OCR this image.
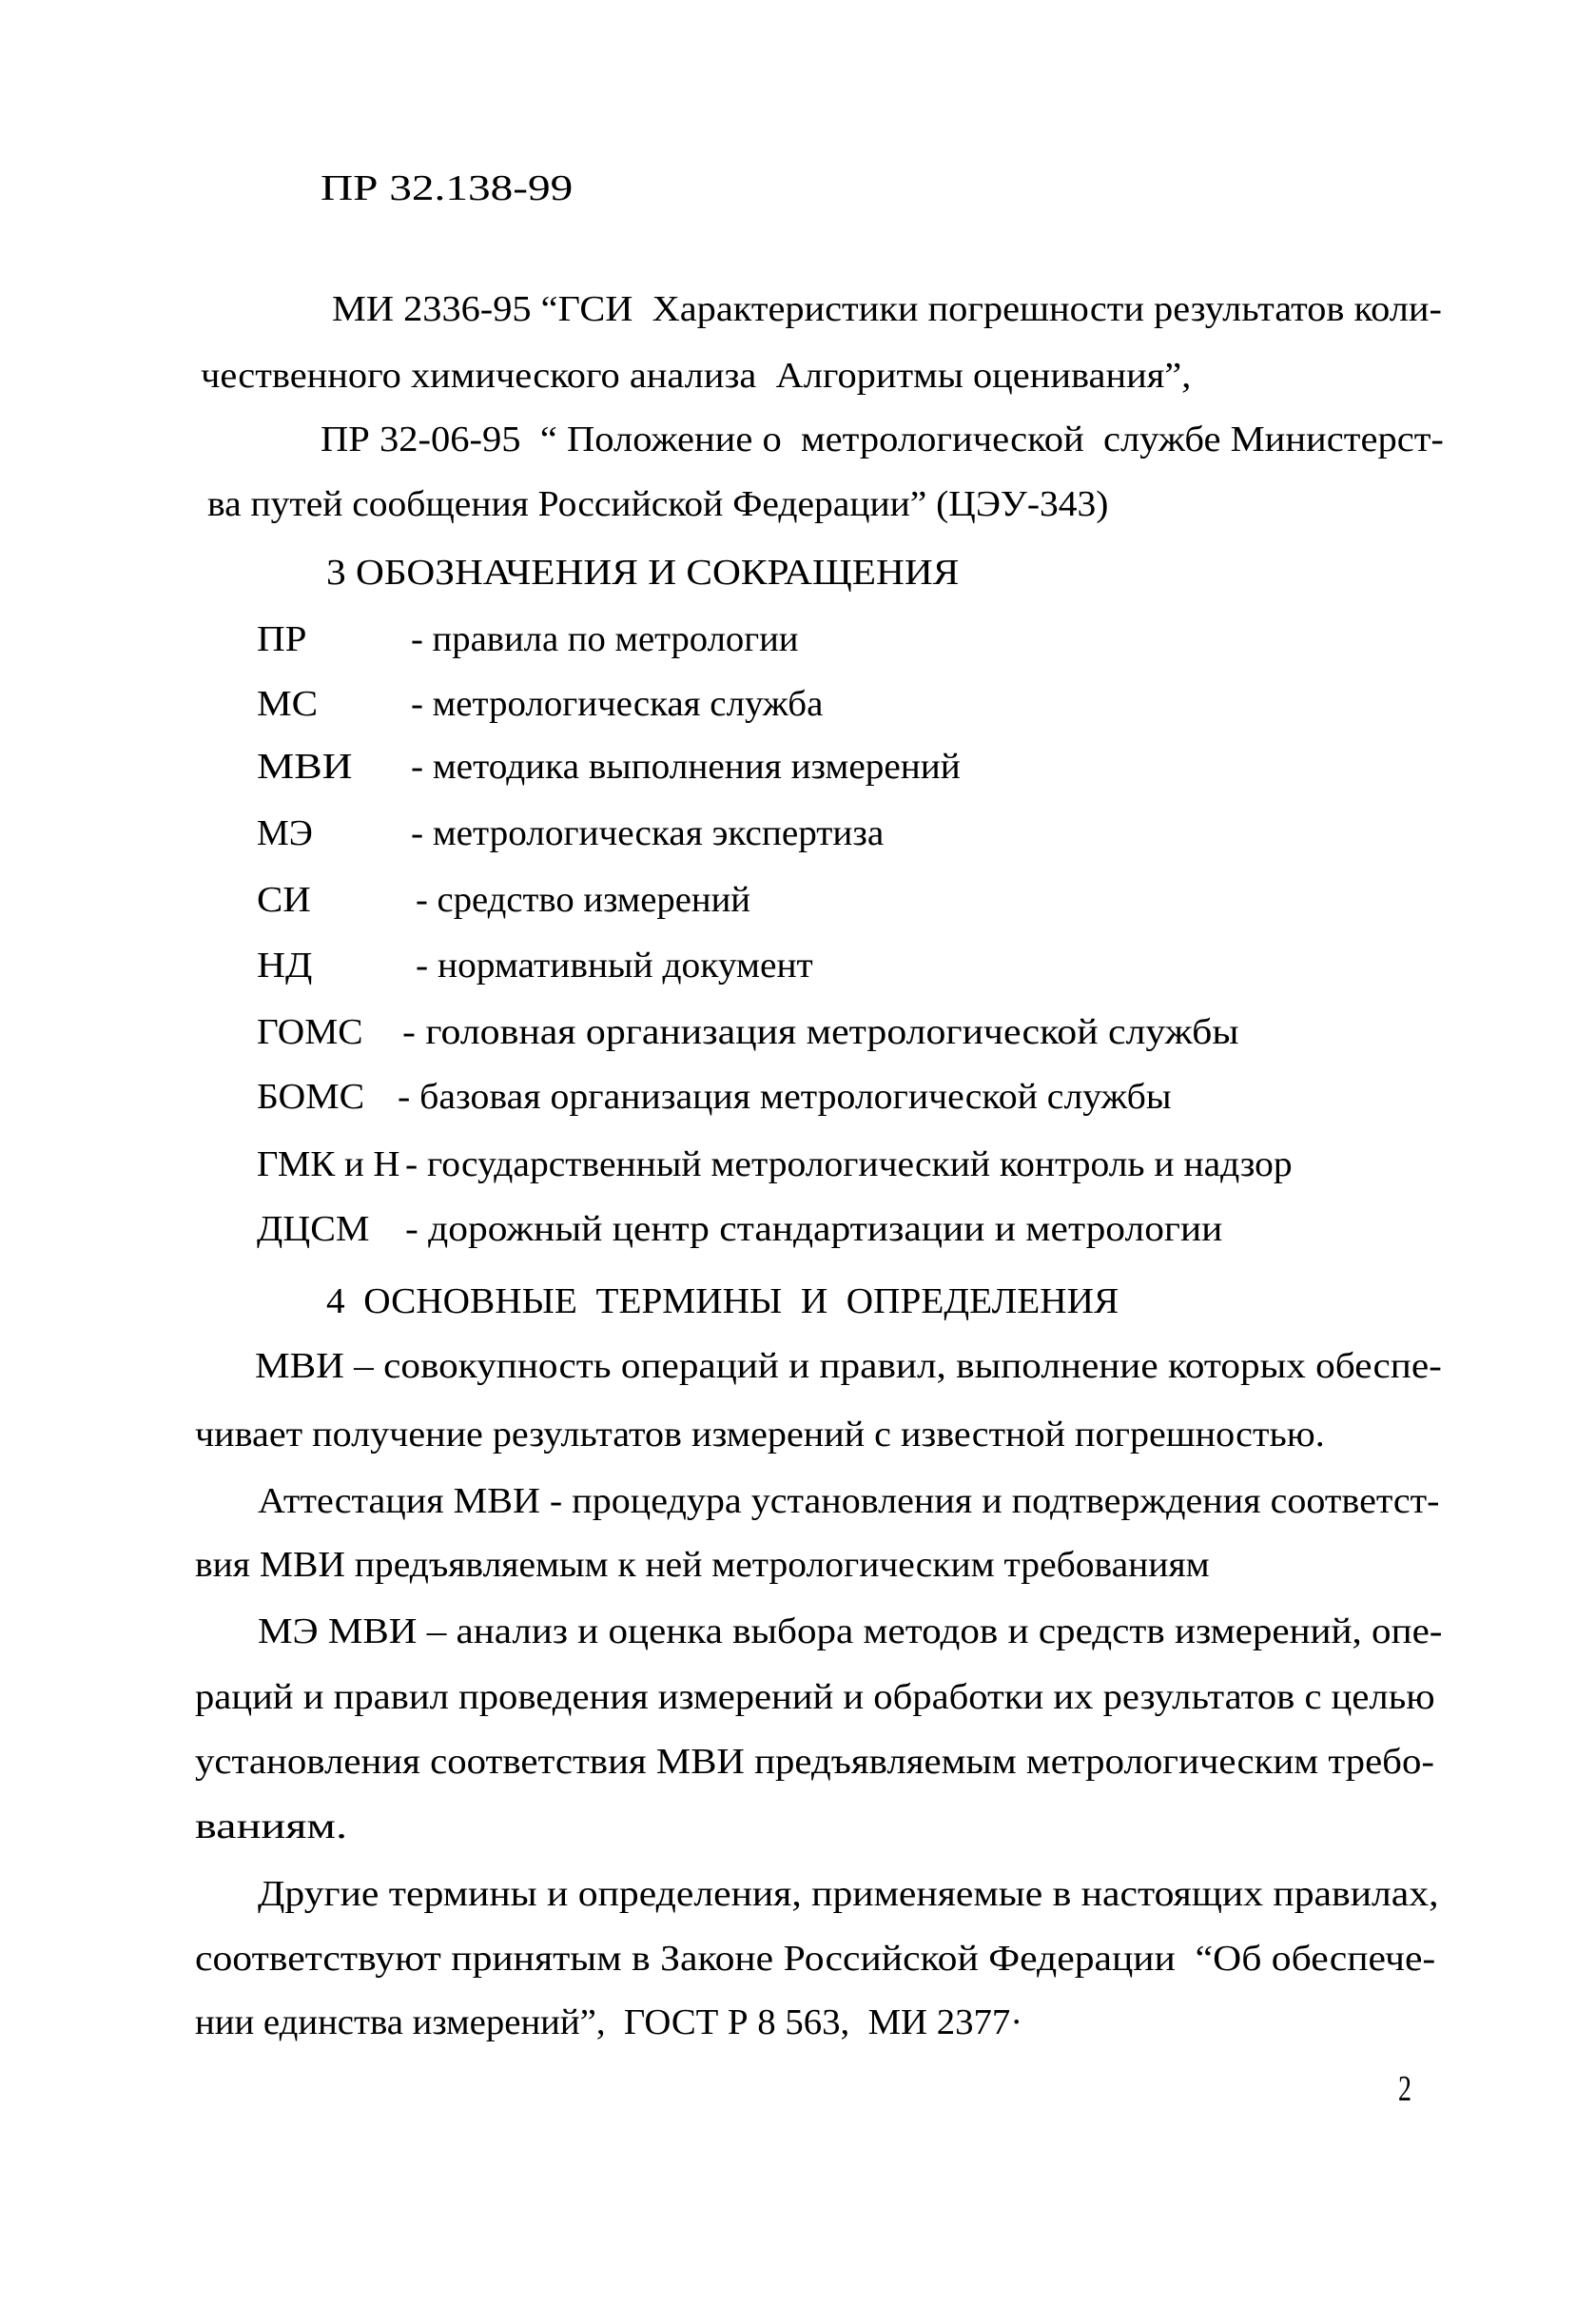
ПР 32.138-99
МИ 2336-95 “ГСИ  Характеристики погрешности результатов коли-
чественного химического анализа  Алгоритмы оценивания”,
ПР 32-06-95  “ Положение о  метрологической  службе Министерст-
ва путей сообщения Российской Федерации” (ЦЭУ-343)
3 ОБОЗНАЧЕНИЯ И СОКРАЩЕНИЯ
ПР	- правила по метрологии
МС	- метрологическая служба
МВИ - методика выполнения измерений
МЭ	- метрологическая экспертиза
СИ	- средство измерений
НД	- нормативный документ
ГОМС - головная организация метрологической службы
БОМС - базовая организация метрологической службы
ГМК и Н - государственный метрологический контроль и надзор
ДЦСМ - дорожный центр стандартизации и метрологии
4  ОСНОВНЫЕ  ТЕРМИНЫ  И  ОПРЕДЕЛЕНИЯ
МВИ – совокупность операций и правил, выполнение которых обеспе-
чивает получение результатов измерений с известной погрешностью.
Аттестация МВИ - процедура установления и подтверждения соответст-
вия МВИ предъявляемым к ней метрологическим требованиям
МЭ МВИ – анализ и оценка выбора методов и средств измерений, опе-
раций и правил проведения измерений и обработки их результатов с целью
установления соответствия МВИ предъявляемым метрологическим требо-
ваниям.
Другие термины и определения, применяемые в настоящих правилах,
соответствуют принятым в Законе Российской Федерации  “Об обеспече-
нии единства измерений”,  ГОСТ Р 8 563,  МИ 2377·
2
